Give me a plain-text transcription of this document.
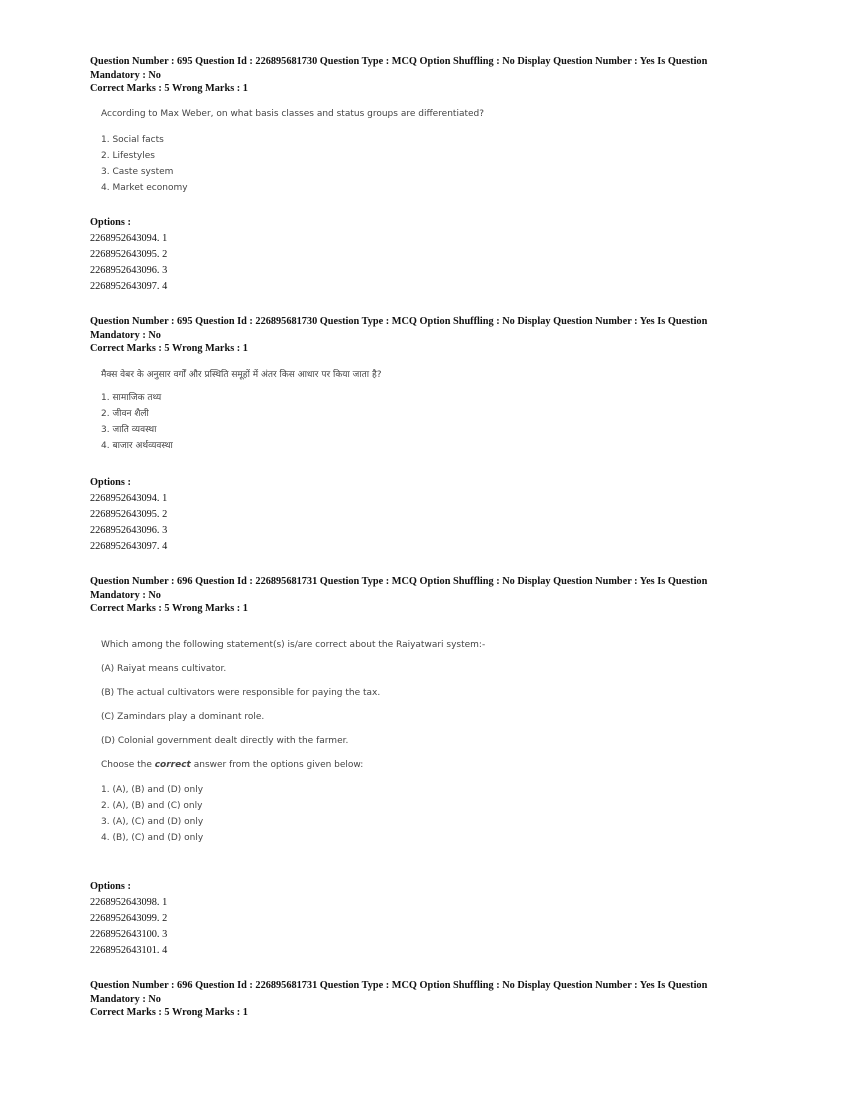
Question Number : 695 Question Id : 226895681730 Question Type : MCQ Option Shuffling : No Display Question Number : Yes Is Question
Mandatory : No
Correct Marks : 5 Wrong Marks : 1

According to Max Weber, on what basis classes and status groups are differentiated?

1. Social facts

2. Lifestyles

3. Caste system

4. Market economy

Options :
2268952643094. 1
2268952643095. 2
2268952643096. 3
2268952643097. 4
Question Number : 695 Question Id : 226895681730 Question Type : MCQ Option Shuffling : No Display Question Number : Yes Is Question
Mandatory : No
Correct Marks : 5 Wrong Marks : 1

मैक्स वेबर के अनुसार वर्गों और प्रस्थिति समूहों में अंतर किस आधार पर किया जाता है?

1. सामाजिक तथ्य

2. जीवन शैली

3. जाति व्यवस्था

4. बाजार अर्थव्यवस्था

Options :
2268952643094. 1
2268952643095. 2
2268952643096. 3
2268952643097. 4
Question Number : 696 Question Id : 226895681731 Question Type : MCQ Option Shuffling : No Display Question Number : Yes Is Question
Mandatory : No
Correct Marks : 5 Wrong Marks : 1

Which among the following statement(s) is/are correct about the Raiyatwari system:-

(A) Raiyat means cultivator.

(B) The actual cultivators were responsible for paying the tax.

(C) Zamindars play a dominant role.

(D) Colonial government dealt directly with the farmer.

Choose the correct answer from the options given below:

1. (A), (B) and (D) only

2. (A), (B) and (C) only

3. (A), (C) and (D) only

4. (B), (C) and (D) only

Options :
2268952643098. 1
2268952643099. 2
2268952643100. 3
2268952643101. 4
Question Number : 696 Question Id : 226895681731 Question Type : MCQ Option Shuffling : No Display Question Number : Yes Is Question
Mandatory : No
Correct Marks : 5 Wrong Marks : 1
